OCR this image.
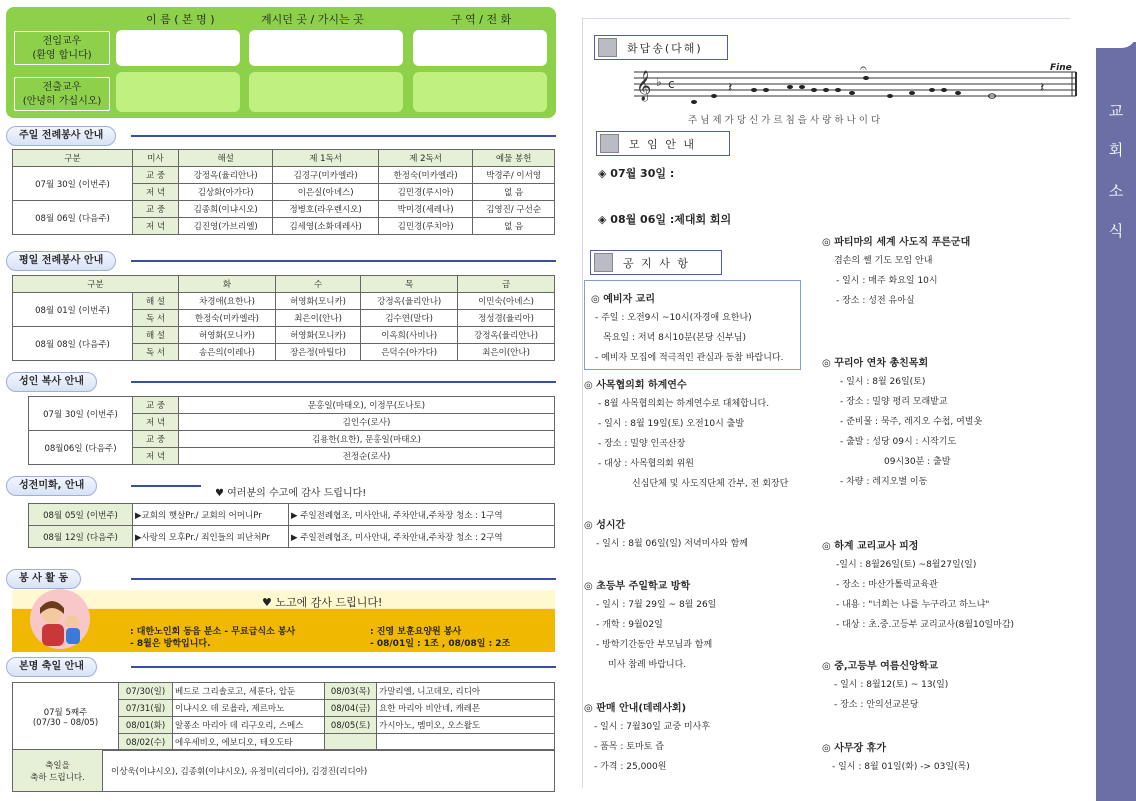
이 름 ( 본 명 )	계시던 곳 / 가시는 곳	구 역 / 전 화
전입교우
(환영 합니다)
전출교우
(안녕히 가십시오)
주일 전례봉사 안내
구분	미사	해설	제 1독서	제 2독서	예물 봉헌
07월 30일 (이번주)	교 중	강정옥(율리안나)	김경구(미카엘라)	한정숙(미카엘라)	박경주/ 이서영
	저 녁	김상화(아가다)	이은실(아녜스)	김민경(루시아)	없 음
08월 06일 (다음주)	교 중	김종희(이냐시오)	정병호(라우렌시오)	박미경(세레나)	김영진/ 구선순
	저 녁	김진영(가브리엘)	김세영(소화데레사)	김민경(루치아)	없 음
평일 전례봉사 안내
구분		화	수	목	금
08월 01일 (이번주)	해 설	차경애(요한나)	허영화(모니카)	강정옥(율리안나)	이민숙(아녜스)
	독 서	한정숙(미카엘라)	최은이(안나)	김수연(말다)	정성경(율리아)
08월 08일 (다음주)	해 설	허영화(모니카)	허영화(모니카)	이옥희(사비나)	강정옥(율리안나)
	독 서	송은의(이레나)	장은정(마틸다)	은덕수(아가다)	최은이(안나)
성인 복사 안내
07월 30일 (이번주)	교 중	문홍일(마태오), 이정무(도나토)
	저 녁	김인수(로사)
08월06일 (다음주)	교 중	김용한(요한), 문홍일(마태오)
	저 녁	전정순(로사)
성전미화, 안내
♥ 여러분의 수고에 감사 드립니다!
08월 05일 (이번주)	▶교회의 햇살Pr./ 교회의 어머니Pr	▶ 주일전례협조, 미사안내, 주차안내,주차장 청소 : 1구역
08월 12일 (다음주)	▶사랑의 모후Pr./ 죄인들의 피난처Pr	▶ 주일전례협조, 미사안내, 주차안내,주차장 청소 : 2구역
봉 사 활 동
♥ 노고에 감사 드립니다!
: 대한노인회 동읍 분소 - 무료급식소 봉사
- 8월은 방학입니다.
: 진영 보훈요양원 봉사
- 08/01일 : 1조 , 08/08일 : 2조
본명 축일 안내
07월 5째주
(07/30 – 08/05)	07/30(일)	베드로 그리솔로고, 세룬다, 압둔	08/03(목)	가말리엘, 니고데모, 리디아
	07/31(월)	이냐시오 데 로욜라, 제르마노	08/04(금)	요한 마리아 비안네, 캐레몬
	08/01(화)	알퐁소 마리아 데 리구오리, 스메스	08/05(토)	가시아노, 멤미오, 오스왈도
	08/02(수)	에우세비오, 에보디오, 테오도타		
축일을
축하 드립니다.
	이상욱(이냐시오), 김종휘(이냐시오), 유정미(리디아), 김경진(리디아)
화답송(다해)
𝄞 ♭ c	𝄽
𝄽
𝄐	Fine
주 님 제 가 당 신 가 르 침 을 사 랑 하 나 이 다
모 임 안 내
◈ 07월 30일 :
◈ 08월 06일 :제대회 회의
공 지 사 항
◎ 예비자 교리
- 주일 : 오전9시 ~10시(자경애 요한나)
목요일 : 저녁 8시10분(본당 신부님)
- 예비자 모집에 적극적인 관심과 동참 바랍니다.
◎ 사목협의회 하계연수
- 8월 사목협의회는 하계연수로 대체합니다.
- 일시 : 8월 19일(토) 오전10시 출발
- 장소 : 밀양 인곡산장
- 대상 : 사목협의회 위원
신심단체 및 사도직단체 간부, 전 회장단
◎ 성시간
- 일시 : 8월 06일(일) 저녁미사와 함께
◎ 초등부 주일학교 방학
- 일시 : 7월 29일 ~ 8월 26일
- 개학 : 9월02일
- 방학기간동안 부모님과 함께
미사 참례 바랍니다.
◎ 판매 안내(데레사회)
- 일시 : 7월30일 교중 미사후
- 품목 : 토마토 즙
- 가격 : 25,000원
◎ 파티마의 세계 사도직 푸른군대
겸손의 쎌 기도 모임 안내
- 일시 : 매주 화요일 10시
- 장소 : 성전 유아실
◎ 꾸리아 연차 총친목회
- 일시 : 8월 26일(토)
- 장소 : 밀양 평리 모래밭교
- 준비물 : 묵주, 레지오 수첩, 여벌옷
- 출발 : 성당 09시 : 시작기도
09시30분 : 출발
- 차량 : 레지오별 이동
◎ 하계 교리교사 피정
-일시 : 8월26일(토) ~8월27일(일)
- 장소 : 마산가톨릭교육관
- 내용 : "너희는 나를 누구라고 하느냐"
- 대상 : 초.중.고등부 교리교사(8월10일마감)
◎ 중,고등부 여름신앙학교
- 일시 : 8월12(토) ~ 13(일)
- 장소 : 안의선교본당
◎ 사무장 휴가
- 일시 : 8월 01일(화) -> 03일(목)
교
회
소
식
